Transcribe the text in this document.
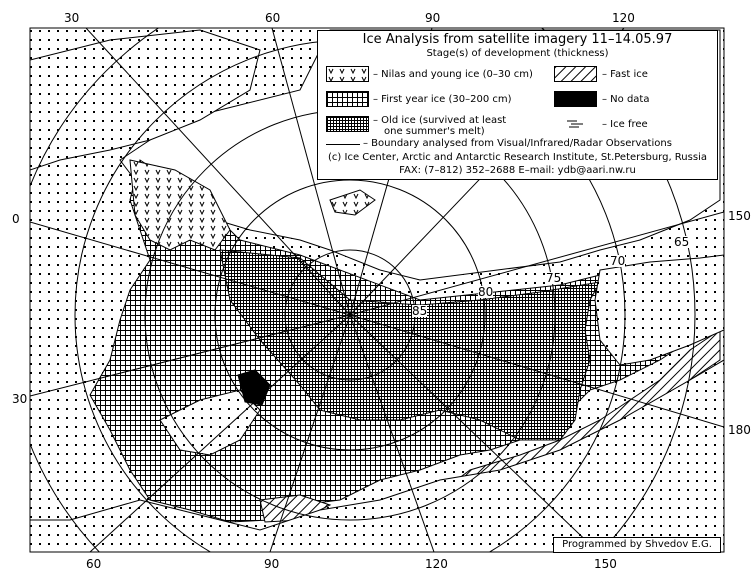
30	60	90	120
60	90	120	150
0
30
150
180
85
80
75
70
65
Ice Analysis from satellite imagery 11–14.05.97
Stage(s) of development (thickness)
– Nilas and young ice (0–30 cm)
– First year ice (30–200 cm)
– Old ice (survived at least
one summer's melt)
– Fast ice
– No data
– Ice free
– Boundary analysed from Visual/Infrared/Radar Observations
(c) Ice Center, Arctic and Antarctic Research Institute, St.Petersburg, Russia
FAX: (7–812) 352–2688 E–mail: ydb@aari.nw.ru
Programmed by Shvedov E.G.
